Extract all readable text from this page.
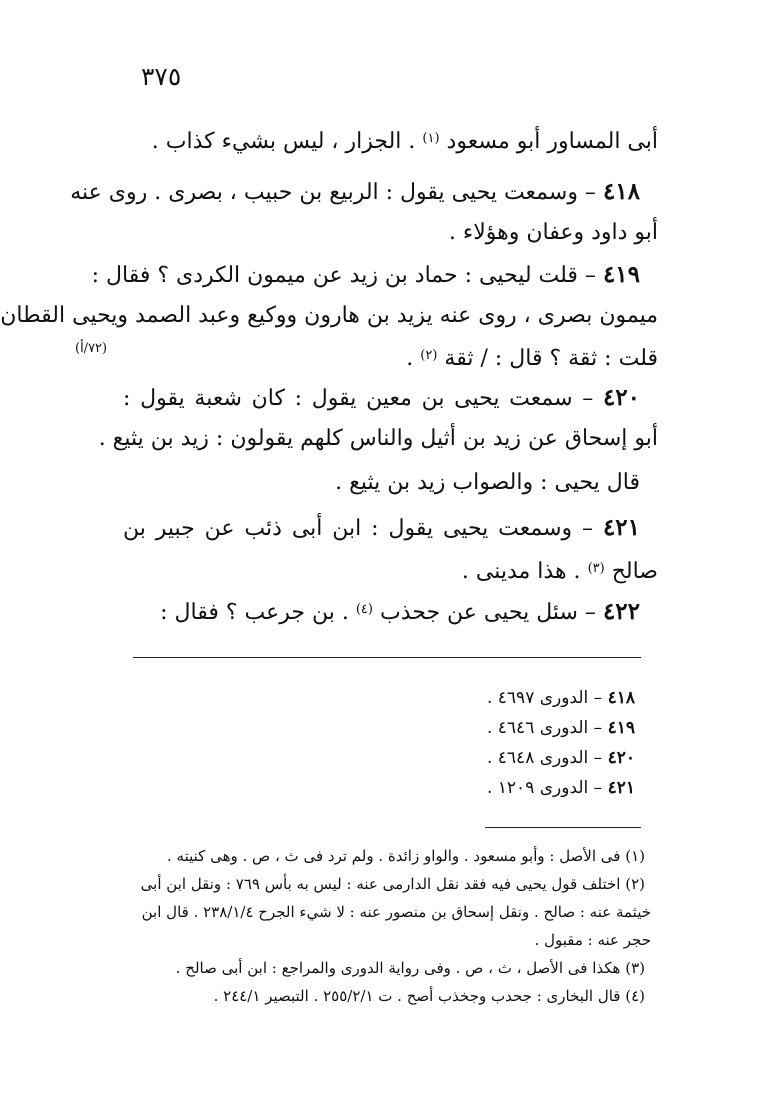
٣٧٥
(٧٢/أ)
أبى المساور أبو مسعود $^{(١)}$ . الجزار ، ليس بشيء كذاب .
٤١٨ – وسمعت يحيى يقول : الربيع بن حبيب ، بصرى . روى عنه
أبو داود وعفان وهؤلاء .
٤١٩ – قلت ليحيى : حماد بن زيد عن ميمون الكردى ؟ فقال :
ميمون بصرى ، روى عنه يزيد بن هارون ووكيع وعبد الصمد ويحيى القطان
قلت : ثقة ؟ قال : / ثقة $^{(٢)}$ .
٤٢٠ – سمعت يحيى بن معين يقول : كان شعبة يقول :
أبو إسحاق عن زيد بن أثيل والناس كلهم يقولون : زيد بن يثيع .
قال يحيى : والصواب زيد بن يثيع .
٤٢١ – وسمعت يحيى يقول : ابن أبى ذئب عن جبير بن
صالح $^{(٣)}$ . هذا مدينى .
٤٢٢ – سئل يحيى عن جحذب $^{(٤)}$ . بن جرعب ؟ فقال :
٤١٨ – الدورى ٤٦٩٧ .
٤١٩ – الدورى ٤٦٤٦ .
٤٢٠ – الدورى ٤٦٤٨ .
٤٢١ – الدورى ١٢٠٩ .
(١) فى الأصل : وأبو مسعود . والواو زائدة . ولم ترد فى ث ، ص . وهى كنيته .
(٢) اختلف قول يحيى فيه فقد نقل الدارمى عنه : ليس به بأس ٧٦٩ : ونقل ابن أبى
خيثمة عنه : صالح . ونقل إسحاق بن منصور عنه : لا شيء الجرح ٢٣٨/١/٤ . قال ابن
حجر عنه : مقبول .
(٣) هكذا فى الأصل ، ث ، ص . وفى رواية الدورى والمراجع : ابن أبى صالح .
(٤) قال البخارى : جحدب وجخذب أصح . ت ٢٥٥/٢/١ . التبصير ٢٤٤/١ .
